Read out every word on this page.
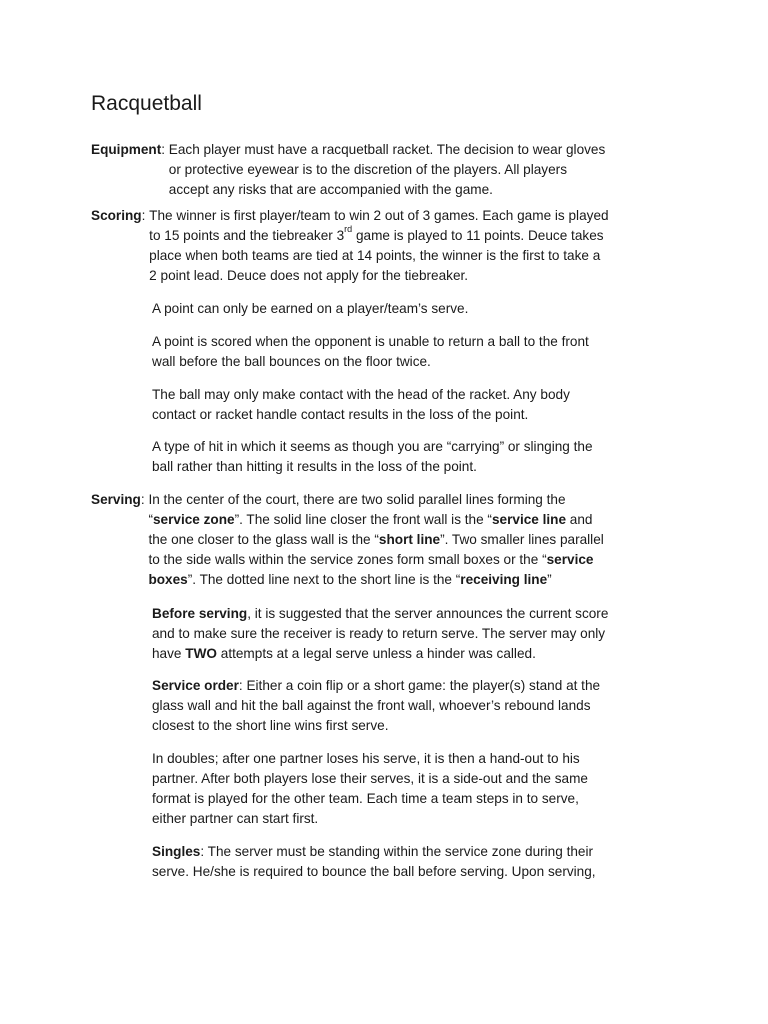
Racquetball
Equipment : Each player must have a racquetball racket. The decision to wear gloves
or protective eyewear is to the discretion of the players. All players
accept any risks that are accompanied with the game.
Scoring : The winner is first player/team to win 2 out of 3 games. Each game is played
to 15 points and the tiebreaker 3rd game is played to 11 points. Deuce takes
place when both teams are tied at 14 points, the winner is the first to take a
2 point lead. Deuce does not apply for the tiebreaker.
A point can only be earned on a player/team’s serve.
A point is scored when the opponent is unable to return a ball to the front
wall before the ball bounces on the floor twice.
The ball may only make contact with the head of the racket. Any body
contact or racket handle contact results in the loss of the point.
A type of hit in which it seems as though you are “carrying” or slinging the
ball rather than hitting it results in the loss of the point.
Serving : In the center of the court, there are two solid parallel lines forming the
“service zone”. The solid line closer the front wall is the “service line and
the one closer to the glass wall is the “short line”. Two smaller lines parallel
to the side walls within the service zones form small boxes or the “service
boxes”. The dotted line next to the short line is the “receiving line”
Before serving, it is suggested that the server announces the current score
and to make sure the receiver is ready to return serve. The server may only
have TWO attempts at a legal serve unless a hinder was called.
Service order: Either a coin flip or a short game: the player(s) stand at the
glass wall and hit the ball against the front wall, whoever’s rebound lands
closest to the short line wins first serve.
In doubles; after one partner loses his serve, it is then a hand-out to his
partner. After both players lose their serves, it is a side-out and the same
format is played for the other team. Each time a team steps in to serve,
either partner can start first.
Singles: The server must be standing within the service zone during their
serve. He/she is required to bounce the ball before serving. Upon serving,
